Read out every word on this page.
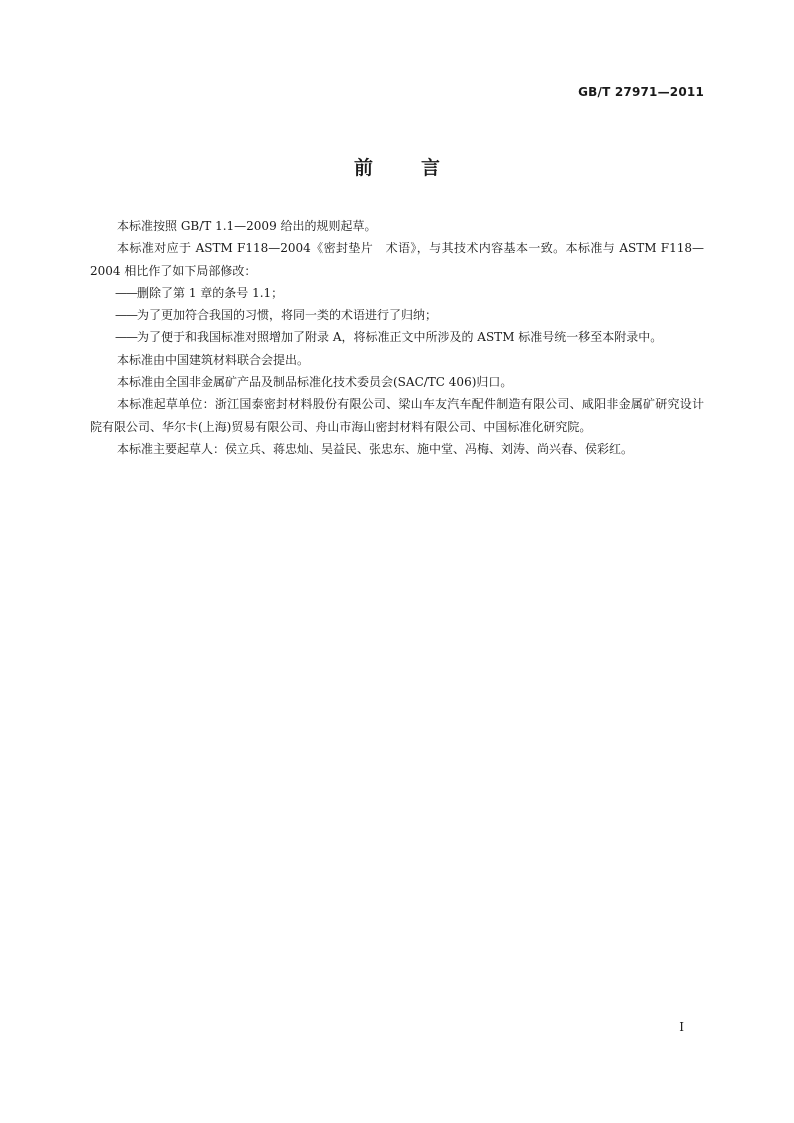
GB/T 27971—2011
前言

本标准按照 GB/T 1.1—2009 给出的规则起草。

本标准对应于 ASTM F118—2004《密封垫片　术语》，与其技术内容基本一致。本标准与 ASTM F118—2004 相比作了如下局部修改：

——删除了第 1 章的条号 1.1；

——为了更加符合我国的习惯，将同一类的术语进行了归纳；

——为了便于和我国标准对照增加了附录 A，将标准正文中所涉及的 ASTM 标准号统一移至本附录中。

本标准由中国建筑材料联合会提出。

本标准由全国非金属矿产品及制品标准化技术委员会(SAC/TC 406)归口。

本标准起草单位：浙江国泰密封材料股份有限公司、梁山车友汽车配件制造有限公司、咸阳非金属矿研究设计院有限公司、华尔卡(上海)贸易有限公司、舟山市海山密封材料有限公司、中国标准化研究院。

本标准主要起草人：侯立兵、蒋忠灿、吴益民、张忠东、施中堂、冯梅、刘涛、尚兴春、侯彩红。

I
